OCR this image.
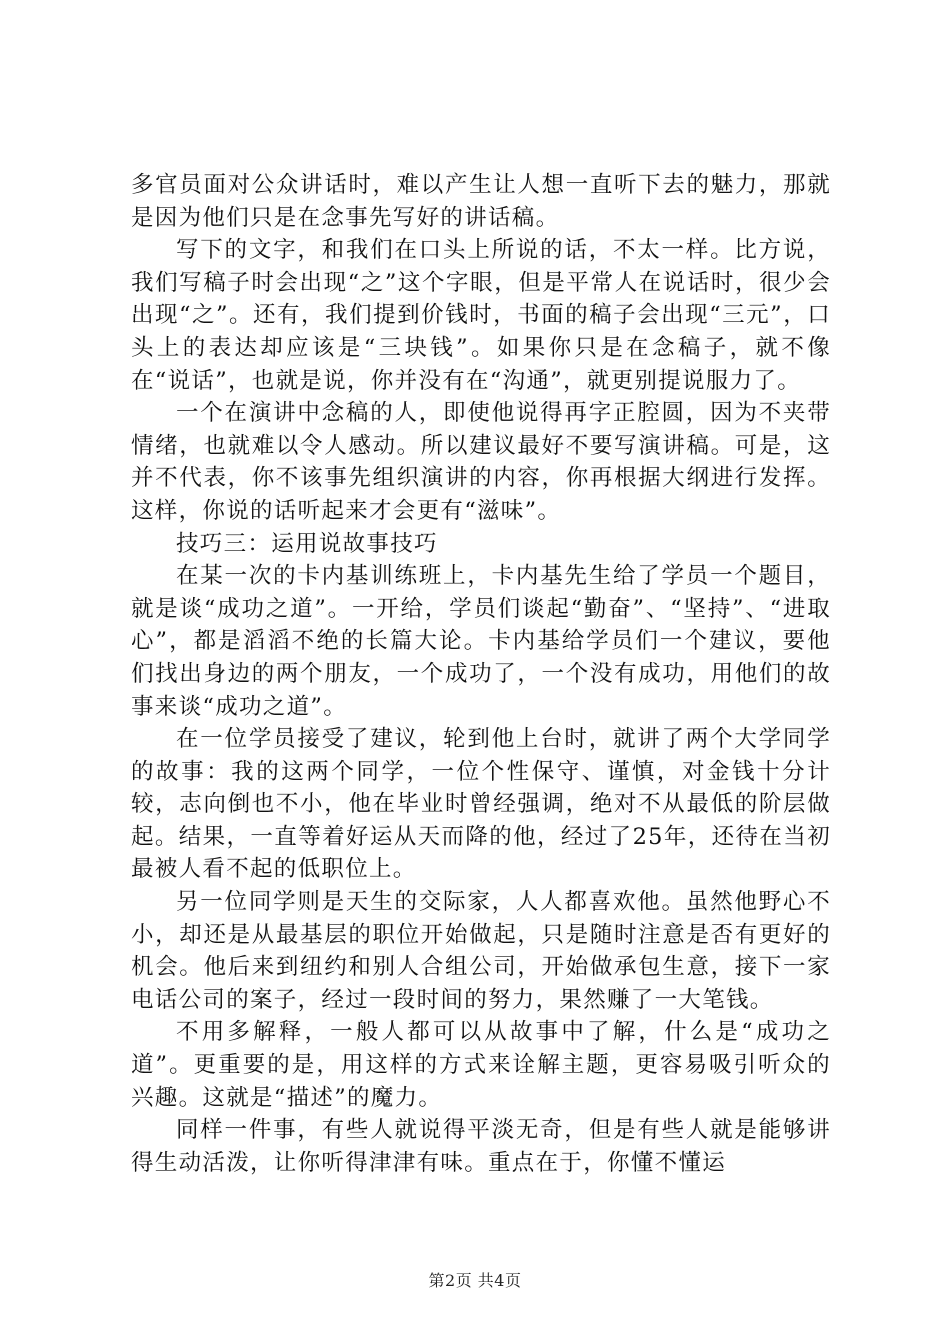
多官员面对公众讲话时，难以产生让人想一直听下去的魅力，那就是因为他们只是在念事先写好的讲话稿。

写下的文字，和我们在口头上所说的话，不太一样。比方说，我们写稿子时会出现“之”这个字眼，但是平常人在说话时，很少会出现“之”。还有，我们提到价钱时，书面的稿子会出现“三元”，口头上的表达却应该是“三块钱”。如果你只是在念稿子，就不像在“说话”，也就是说，你并没有在“沟通”，就更别提说服力了。

一个在演讲中念稿的人，即使他说得再字正腔圆，因为不夹带情绪，也就难以令人感动。所以建议最好不要写演讲稿。可是，这并不代表，你不该事先组织演讲的内容，你再根据大纲进行发挥。这样，你说的话听起来才会更有“滋味”。

技巧三：运用说故事技巧

在某一次的卡内基训练班上，卡内基先生给了学员一个题目，就是谈“成功之道”。一开给，学员们谈起“勤奋”、“坚持”、“进取心”，都是滔滔不绝的长篇大论。卡内基给学员们一个建议，要他们找出身边的两个朋友，一个成功了，一个没有成功，用他们的故事来谈“成功之道”。

在一位学员接受了建议，轮到他上台时，就讲了两个大学同学的故事：我的这两个同学，一位个性保守、谨慎，对金钱十分计较，志向倒也不小，他在毕业时曾经强调，绝对不从最低的阶层做起。结果，一直等着好运从天而降的他，经过了25年，还待在当初最被人看不起的低职位上。

另一位同学则是天生的交际家，人人都喜欢他。虽然他野心不小，却还是从最基层的职位开始做起，只是随时注意是否有更好的机会。他后来到纽约和别人合组公司，开始做承包生意，接下一家电话公司的案子，经过一段时间的努力，果然赚了一大笔钱。

不用多解释，一般人都可以从故事中了解，什么是“成功之道”。更重要的是，用这样的方式来诠解主题，更容易吸引听众的兴趣。这就是“描述”的魔力。

同样一件事，有些人就说得平淡无奇，但是有些人就是能够讲得生动活泼，让你听得津津有味。重点在于，你懂不懂运

第2页 共4页
